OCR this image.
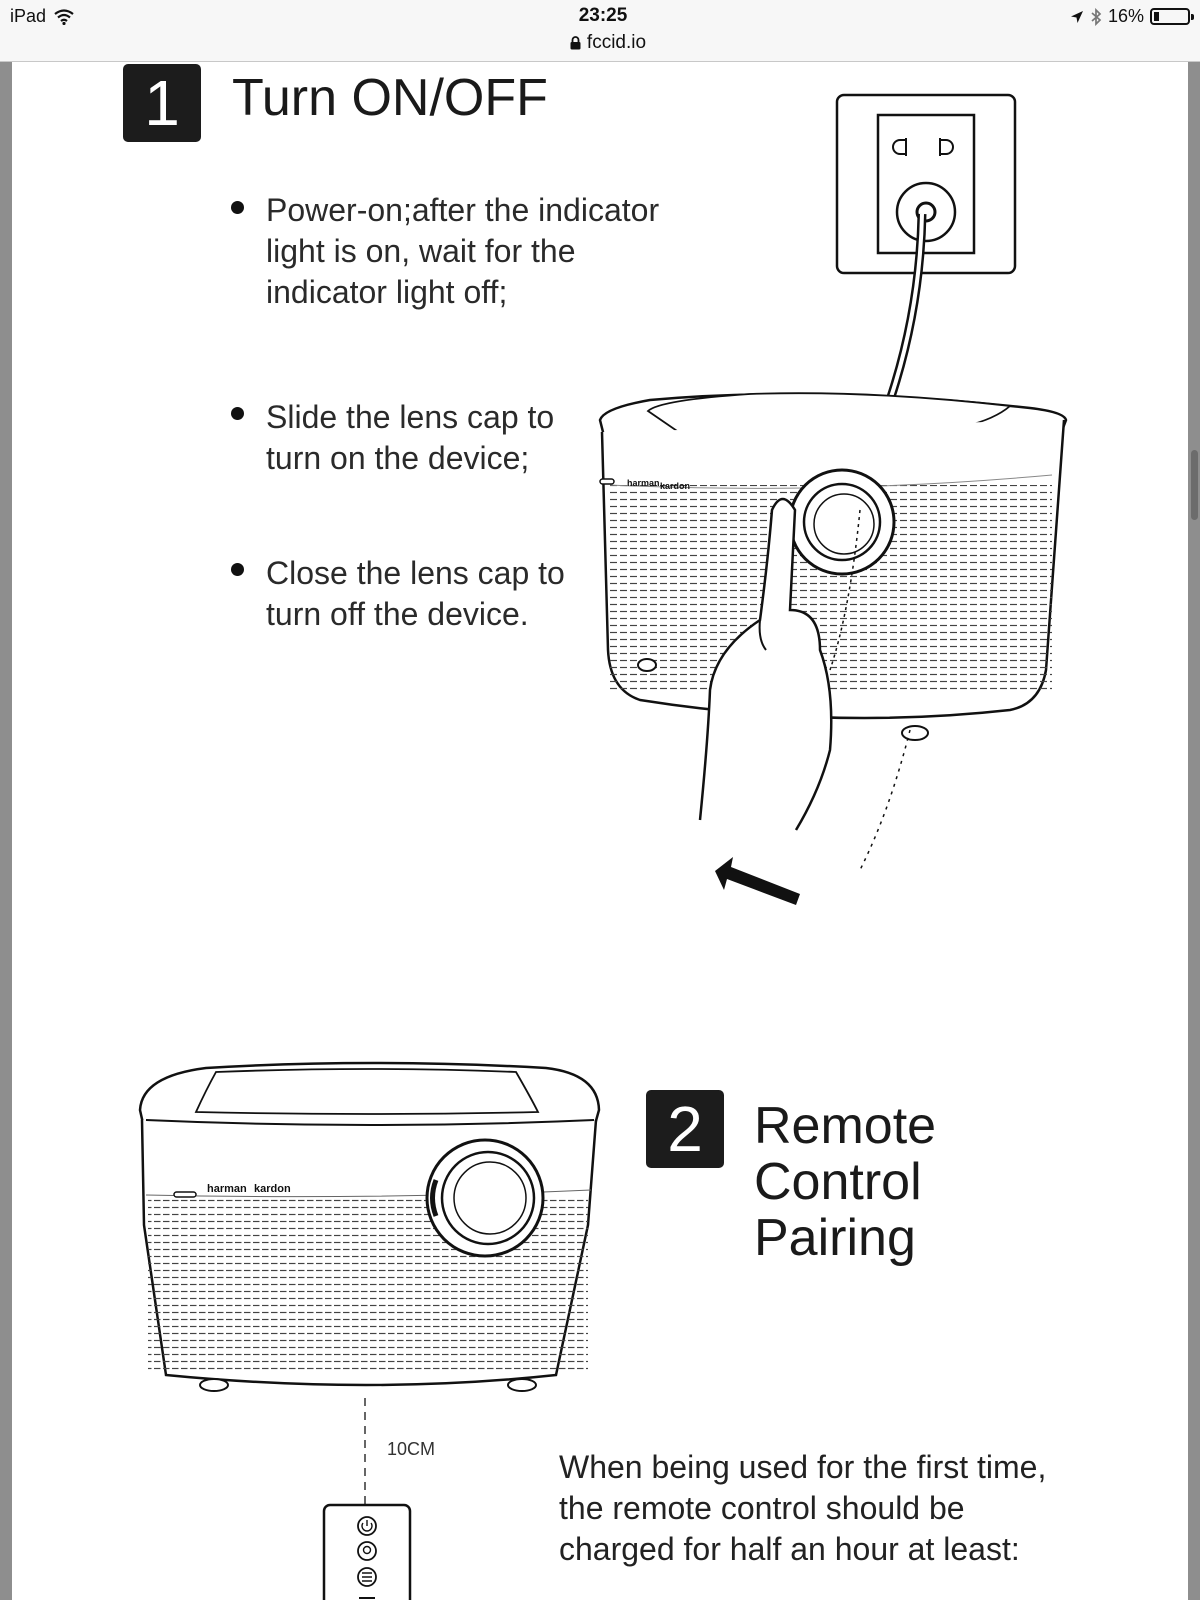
iPad	23:25
fccid.io
16%
1	Turn ON/OFF
Power-on;after the indicator light is on, wait for the indicator light off;
Slide the lens cap to turn on the device;
Close the lens cap to turn off the device.
harman kardon
harman kardon
10CM
2 Remote
Control
Pairing
When being used for the first time, the remote control should be charged for half an hour at least:
